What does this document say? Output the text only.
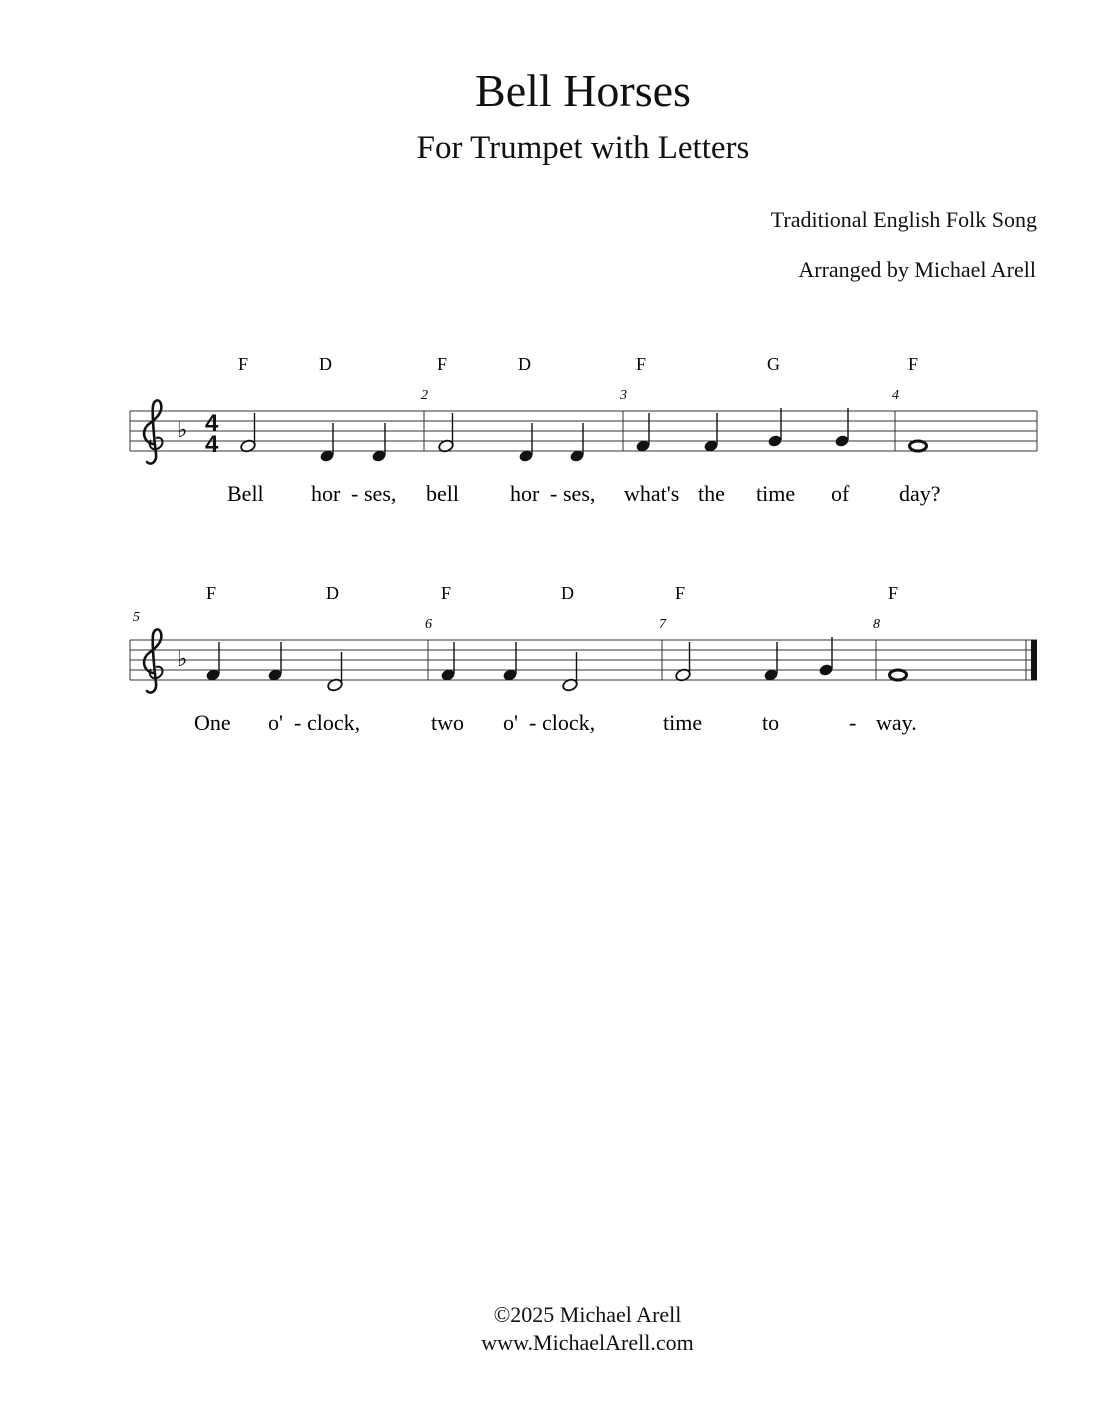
Bell Horses
For Trumpet with Letters
Traditional English Folk Song
Arranged by Michael Arell
♭ 4
4
F	D	F	D	F	G	F
2	3	4
Bell hor - ses, bell hor - ses, what's the time of day?
♭
5	6	7	8
F	D	F	D	F	F
One o' - clock,	two o' - clock,	time	to	- way.
©2025 Michael Arell
www.MichaelArell.com
